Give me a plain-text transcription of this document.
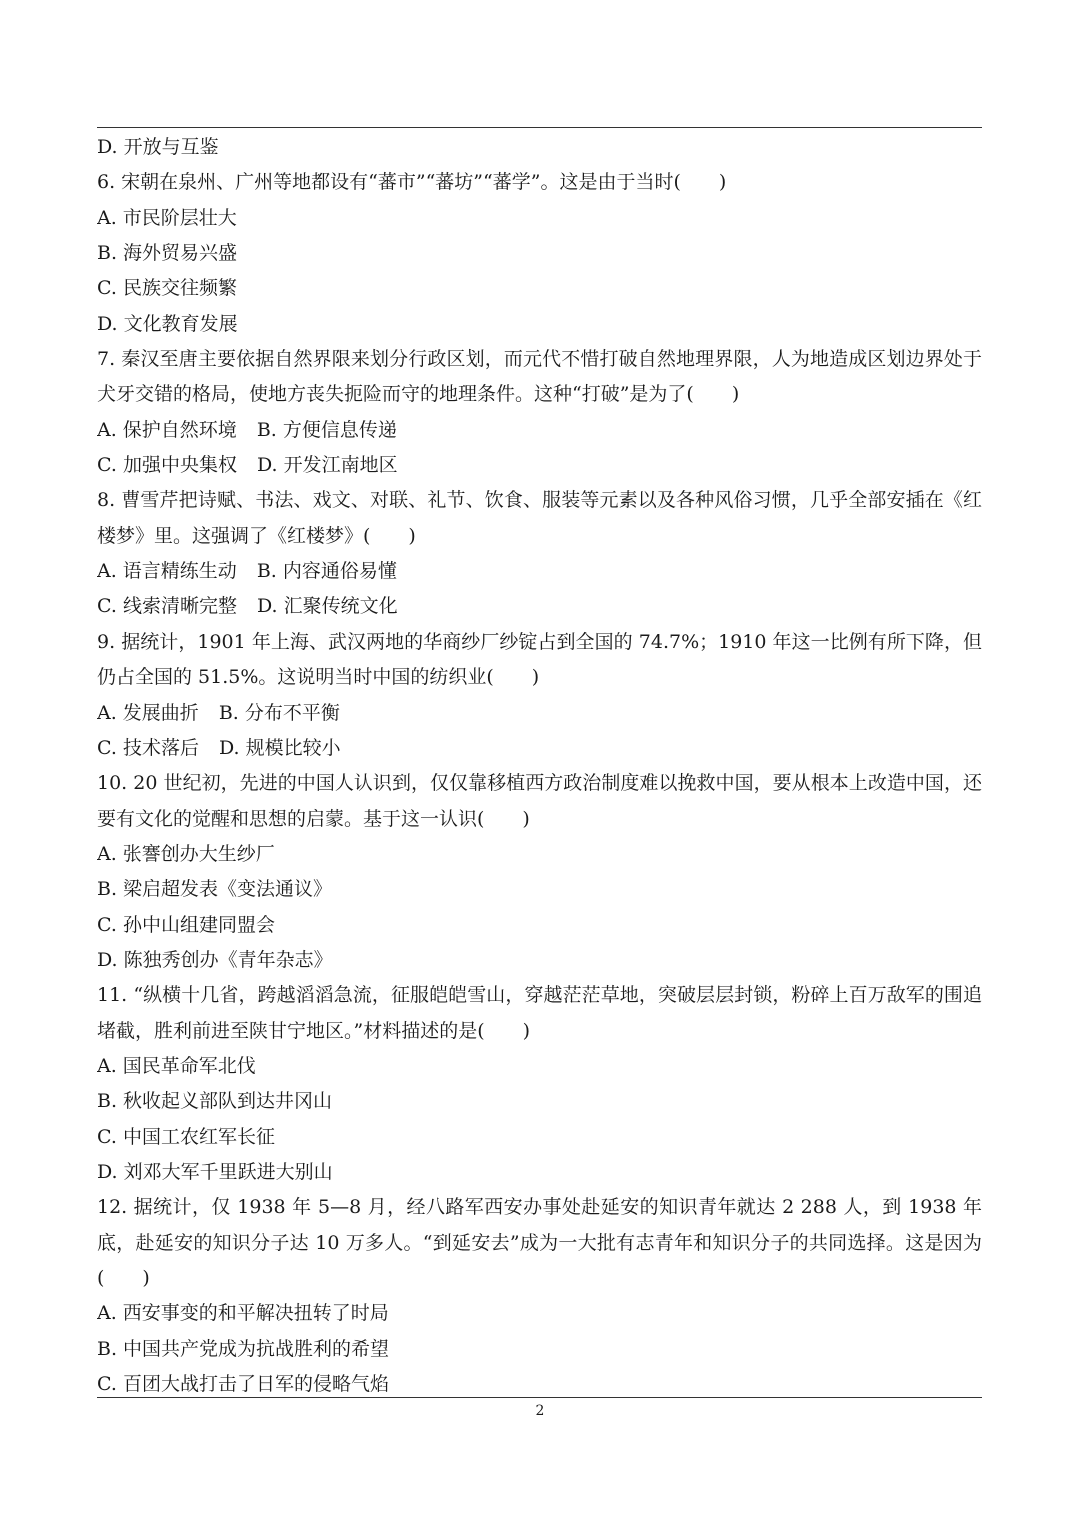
D. 开放与互鉴
6. 宋朝在泉州、广州等地都设有“蕃市”“蕃坊”“蕃学”。这是由于当时(　　)
A. 市民阶层壮大
B. 海外贸易兴盛
C. 民族交往频繁
D. 文化教育发展
7. 秦汉至唐主要依据自然界限来划分行政区划，而元代不惜打破自然地理界限，人为地造成区划边界处于犬牙交错的格局，使地方丧失扼险而守的地理条件。这种“打破”是为了(　　)
A. 保护自然环境 B. 方便信息传递
C. 加强中央集权 D. 开发江南地区
8. 曹雪芹把诗赋、书法、戏文、对联、礼节、饮食、服装等元素以及各种风俗习惯，几乎全部安插在《红楼梦》里。这强调了《红楼梦》(　　)
A. 语言精练生动 B. 内容通俗易懂
C. 线索清晰完整 D. 汇聚传统文化
9. 据统计，1901 年上海、武汉两地的华商纱厂纱锭占到全国的 74.7%；1910 年这一比例有所下降，但仍占全国的 51.5%。这说明当时中国的纺织业(　　)
A. 发展曲折 B. 分布不平衡
C. 技术落后 D. 规模比较小
10. 20 世纪初，先进的中国人认识到，仅仅靠移植西方政治制度难以挽救中国，要从根本上改造中国，还要有文化的觉醒和思想的启蒙。基于这一认识(　　)
A. 张謇创办大生纱厂
B. 梁启超发表《变法通议》
C. 孙中山组建同盟会
D. 陈独秀创办《青年杂志》
11. “纵横十几省，跨越滔滔急流，征服皑皑雪山，穿越茫茫草地，突破层层封锁，粉碎上百万敌军的围追堵截，胜利前进至陕甘宁地区。”材料描述的是(　　)
A. 国民革命军北伐
B. 秋收起义部队到达井冈山
C. 中国工农红军长征
D. 刘邓大军千里跃进大别山
12. 据统计，仅 1938 年 5—8 月，经八路军西安办事处赴延安的知识青年就达 2 288 人，到 1938 年底，赴延安的知识分子达 10 万多人。“到延安去”成为一大批有志青年和知识分子的共同选择。这是因为(　　)
A. 西安事变的和平解决扭转了时局
B. 中国共产党成为抗战胜利的希望
C. 百团大战打击了日军的侵略气焰
2
